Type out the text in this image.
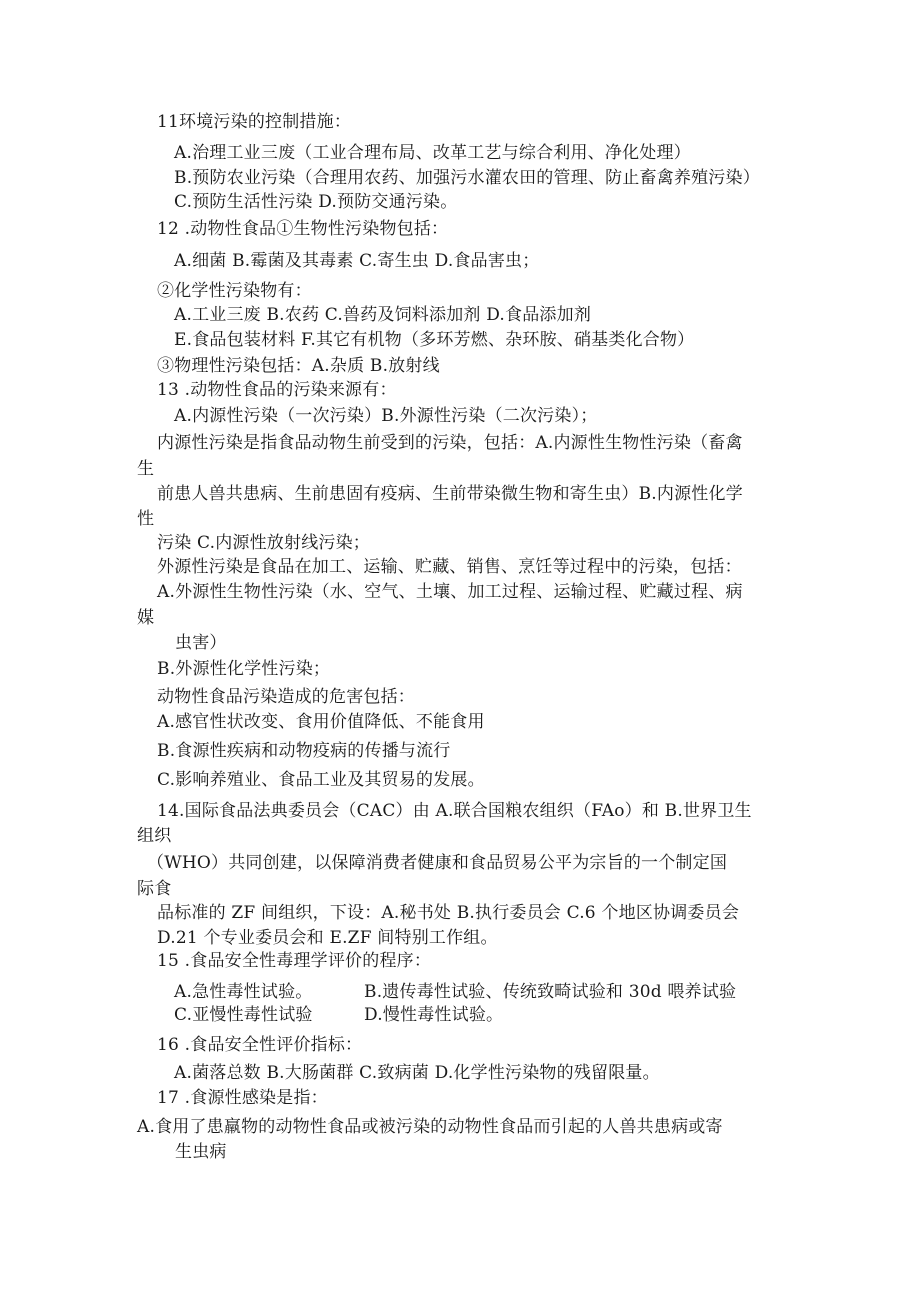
11环境污染的控制措施：
A.治理工业三废（工业合理布局、改革工艺与综合利用、净化处理）
B.预防农业污染（合理用农药、加强污水灌农田的管理、防止畜禽养殖污染）
C.预防生活性污染 D.预防交通污染。
12 .动物性食品①生物性污染物包括：
A.细菌 B.霉菌及其毒素 C.寄生虫 D.食品害虫；
②化学性污染物有：
A.工业三废 B.农药 C.兽药及饲料添加剂 D.食品添加剂
E.食品包装材料 F.其它有机物（多环芳燃、杂环胺、硝基类化合物）
③物理性污染包括：A.杂质 B.放射线
13 .动物性食品的污染来源有：
A.内源性污染（一次污染）B.外源性污染（二次污染）；
内源性污染是指食品动物生前受到的污染，包括：A.内源性生物性污染（畜禽
生
前患人兽共患病、生前患固有疫病、生前带染微生物和寄生虫）B.内源性化学
性
污染 C.内源性放射线污染；
外源性污染是食品在加工、运输、贮藏、销售、烹饪等过程中的污染，包括：
A.外源性生物性污染（水、空气、土壤、加工过程、运输过程、贮藏过程、病
媒
虫害）
B.外源性化学性污染；
动物性食品污染造成的危害包括：
A.感官性状改变、食用价值降低、不能食用
B.食源性疾病和动物疫病的传播与流行
C.影响养殖业、食品工业及其贸易的发展。
14.国际食品法典委员会（CAC）由 A.联合国粮农组织（FAo）和 B.世界卫生
组织
（WHO）共同创建，以保障消费者健康和食品贸易公平为宗旨的一个制定国
际食
品标准的 ZF 间组织，下设：A.秘书处 B.执行委员会 C.6 个地区协调委员会
D.21 个专业委员会和 E.ZF 间特别工作组。
15 .食品安全性毒理学评价的程序：
A.急性毒性试验。	B.遗传毒性试验、传统致畸试验和 30d 喂养试验
C.亚慢性毒性试验	D.慢性毒性试验。
16 .食品安全性评价指标：
A.菌落总数 B.大肠菌群 C.致病菌 D.化学性污染物的残留限量。
17 .食源性感染是指：
A.食用了患羸物的动物性食品或被污染的动物性食品而引起的人兽共患病或寄
生虫病
